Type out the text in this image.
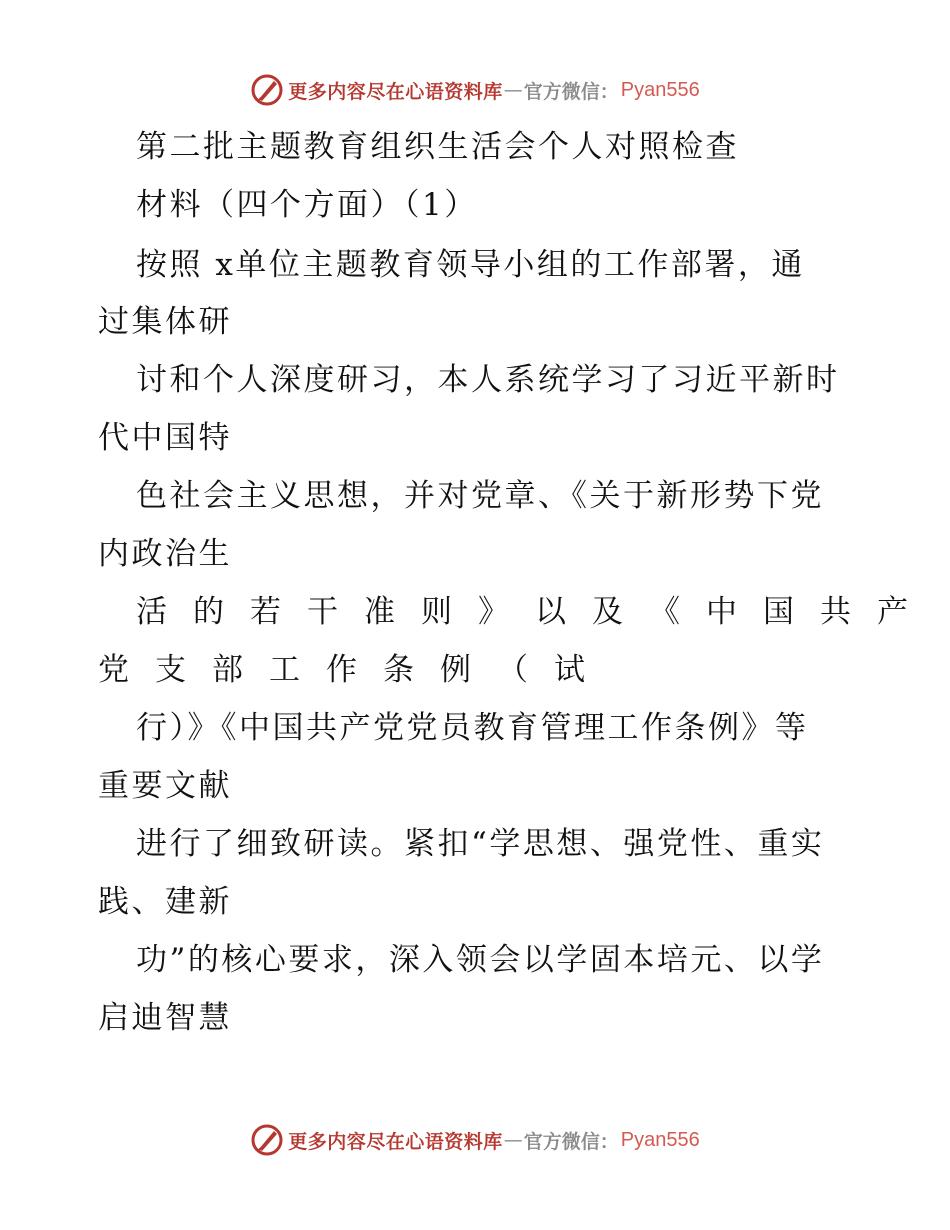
更多内容尽在心语资料库 — 官方微信： Pyan556

第二批主题教育组织生活会个人对照检查

材料（四个方面）（1）

按照 x单位主题教育领导小组的工作部署，通

过集体研

讨和个人深度研习，本人系统学习了习近平新时

代中国特

色社会主义思想，并对党章、《关于新形势下党

内政治生

活的若干准则》以及《中国共产

党支部工作条例（试

行）》《中国共产党党员教育管理工作条例》等

重要文献

进行了细致研读。紧扣“学思想、强党性、重实

践、建新

功”的核心要求，深入领会以学固本培元、以学

启迪智慧

更多内容尽在心语资料库 — 官方微信： Pyan556
